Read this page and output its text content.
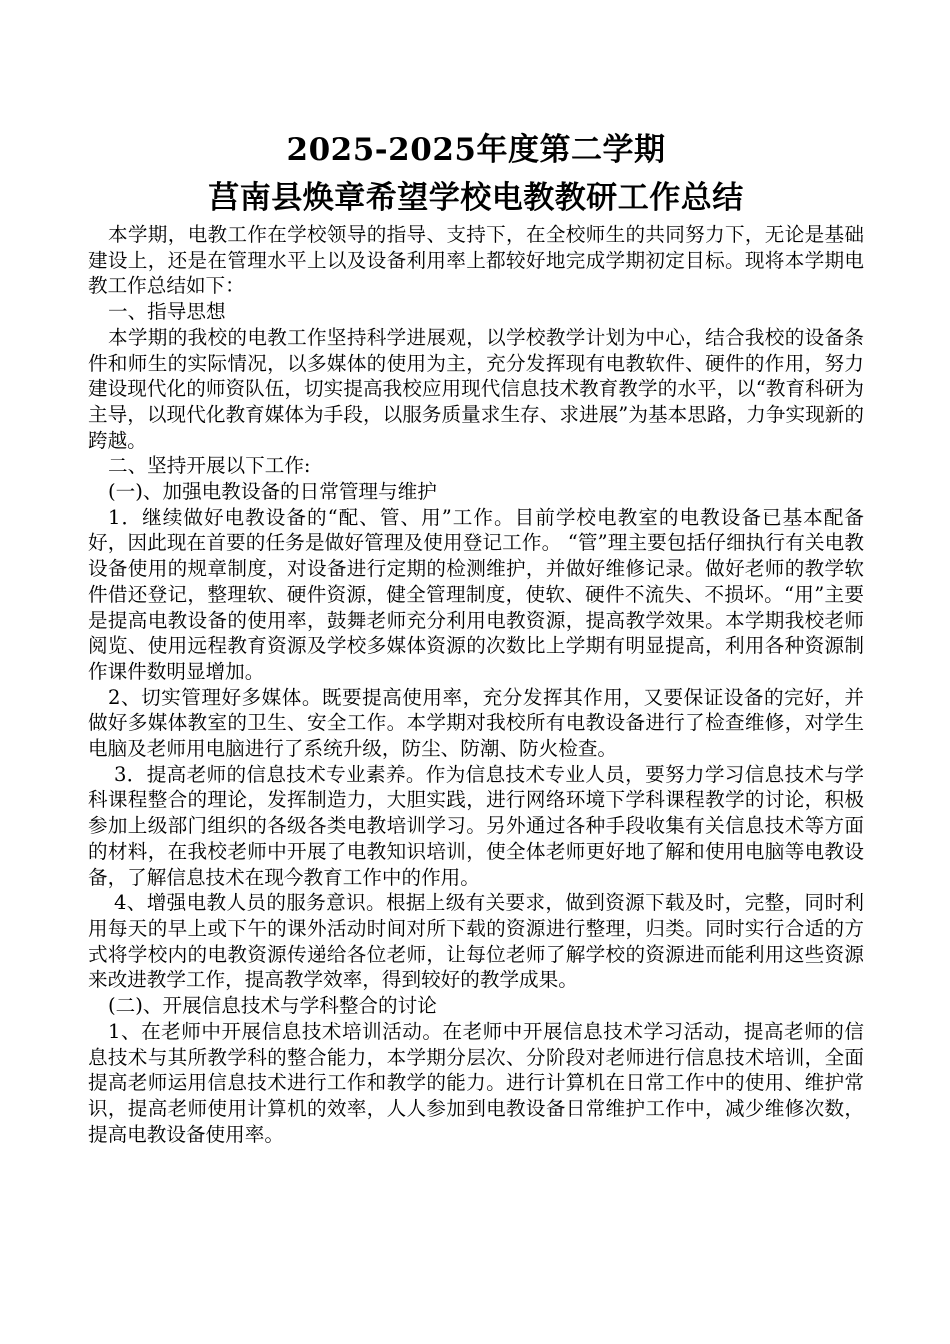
2025-2025年度第二学期
莒南县焕章希望学校电教教研工作总结

本学期，电教工作在学校领导的指导、支持下，在全校师生的共同努力下，无论是基础建设上，还是在管理水平上以及设备利用率上都较好地完成学期初定目标。现将本学期电教工作总结如下：

一、指导思想

本学期的我校的电教工作坚持科学进展观，以学校教学计划为中心，结合我校的设备条件和师生的实际情况，以多媒体的使用为主，充分发挥现有电教软件、硬件的作用，努力建设现代化的师资队伍，切实提高我校应用现代信息技术教育教学的水平，以“教育科研为主导，以现代化教育媒体为手段，以服务质量求生存、求进展”为基本思路，力争实现新的跨越。

二、坚持开展以下工作:

(一)、加强电教设备的日常管理与维护

1．继续做好电教设备的“配、管、用”工作。目前学校电教室的电教设备已基本配备好，因此现在首要的任务是做好管理及使用登记工作。 “管”理主要包括仔细执行有关电教设备使用的规章制度，对设备进行定期的检测维护，并做好维修记录。做好老师的教学软件借还登记，整理软、硬件资源，健全管理制度，使软、硬件不流失、不损坏。“用”主要是提高电教设备的使用率，鼓舞老师充分利用电教资源，提高教学效果。本学期我校老师阅览、使用远程教育资源及学校多媒体资源的次数比上学期有明显提高，利用各种资源制作课件数明显增加。

2、切实管理好多媒体。既要提高使用率，充分发挥其作用，又要保证设备的完好，并做好多媒体教室的卫生、安全工作。本学期对我校所有电教设备进行了检查维修，对学生电脑及老师用电脑进行了系统升级，防尘、防潮、防火检查。

3．提高老师的信息技术专业素养。作为信息技术专业人员，要努力学习信息技术与学科课程整合的理论，发挥制造力，大胆实践，进行网络环境下学科课程教学的讨论，积极参加上级部门组织的各级各类电教培训学习。另外通过各种手段收集有关信息技术等方面的材料，在我校老师中开展了电教知识培训，使全体老师更好地了解和使用电脑等电教设备，了解信息技术在现今教育工作中的作用。

4、增强电教人员的服务意识。根据上级有关要求，做到资源下载及时，完整，同时利用每天的早上或下午的课外活动时间对所下载的资源进行整理，归类。同时实行合适的方式将学校内的电教资源传递给各位老师，让每位老师了解学校的资源进而能利用这些资源来改进教学工作，提高教学效率，得到较好的教学成果。

(二)、开展信息技术与学科整合的讨论

1、在老师中开展信息技术培训活动。在老师中开展信息技术学习活动，提高老师的信息技术与其所教学科的整合能力，本学期分层次、分阶段对老师进行信息技术培训，全面提高老师运用信息技术进行工作和教学的能力。进行计算机在日常工作中的使用、维护常识，提高老师使用计算机的效率，人人参加到电教设备日常维护工作中，减少维修次数，提高电教设备使用率。
